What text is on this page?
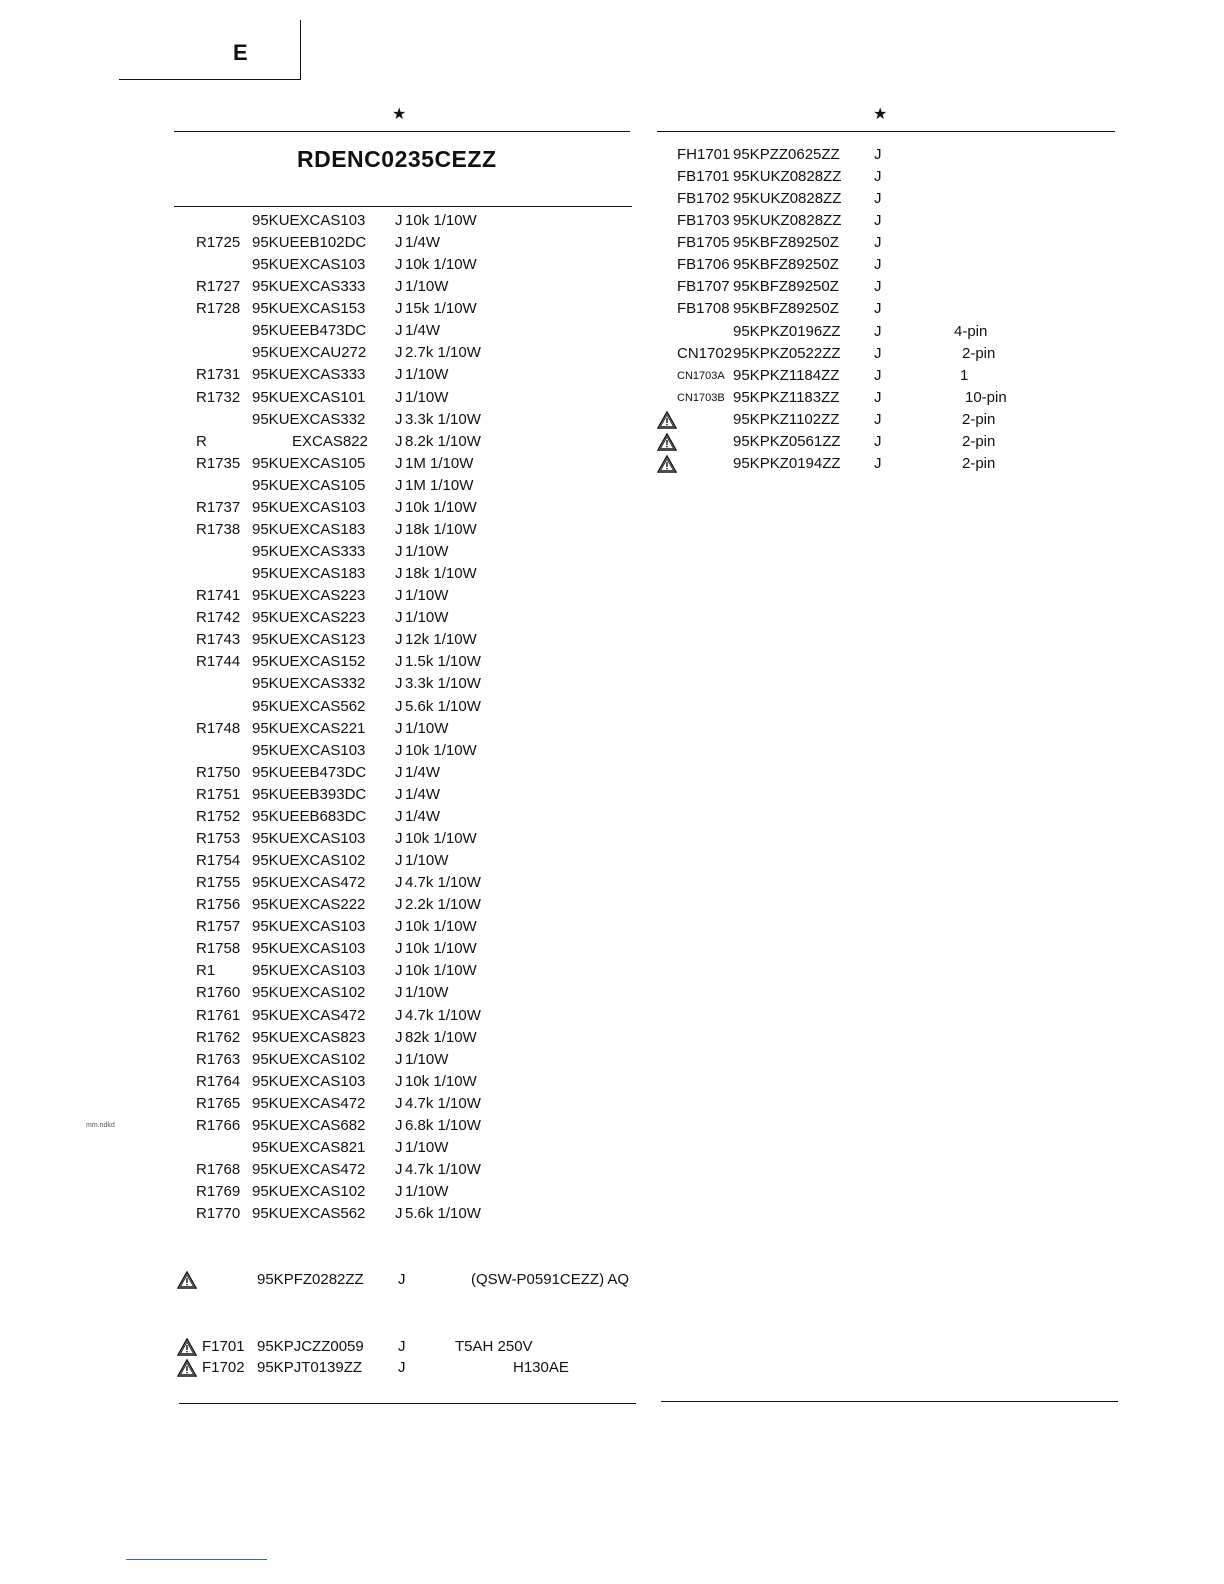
E
★	★
RDENC0235CEZZ
95KUEXCAS103 J 10k 1/10W
R1725 95KUEEB102DC J 1/4W
95KUEXCAS103 J 10k 1/10W
R1727 95KUEXCAS333 J 1/10W
R1728 95KUEXCAS153 J 15k 1/10W
95KUEEB473DC J 1/4W
95KUEXCAU272 J 2.7k 1/10W
R1731 95KUEXCAS333 J 1/10W
R1732 95KUEXCAS101 J 1/10W
95KUEXCAS332 J 3.3k 1/10W
R	EXCAS822 J 8.2k 1/10W
R1735 95KUEXCAS105 J 1M 1/10W
95KUEXCAS105 J 1M 1/10W
R1737 95KUEXCAS103 J 10k 1/10W
R1738 95KUEXCAS183 J 18k 1/10W
95KUEXCAS333 J 1/10W
95KUEXCAS183 J 18k 1/10W
R1741 95KUEXCAS223 J 1/10W
R1742 95KUEXCAS223 J 1/10W
R1743 95KUEXCAS123 J 12k 1/10W
R1744 95KUEXCAS152 J 1.5k 1/10W
95KUEXCAS332 J 3.3k 1/10W
95KUEXCAS562 J 5.6k 1/10W
R1748 95KUEXCAS221 J 1/10W
95KUEXCAS103 J 10k 1/10W
R1750 95KUEEB473DC J 1/4W
R1751 95KUEEB393DC J 1/4W
R1752 95KUEEB683DC J 1/4W
R1753 95KUEXCAS103 J 10k 1/10W
R1754 95KUEXCAS102 J 1/10W
R1755 95KUEXCAS472 J 4.7k 1/10W
R1756 95KUEXCAS222 J 2.2k 1/10W
R1757 95KUEXCAS103 J 10k 1/10W
R1758 95KUEXCAS103 J 10k 1/10W
R1 95KUEXCAS103 J 10k 1/10W
R1760 95KUEXCAS102 J 1/10W
R1761 95KUEXCAS472 J 4.7k 1/10W
R1762 95KUEXCAS823 J 82k 1/10W
R1763 95KUEXCAS102 J 1/10W
R1764 95KUEXCAS103 J 10k 1/10W
R1765 95KUEXCAS472 J 4.7k 1/10W
R1766 95KUEXCAS682 J 6.8k 1/10W
95KUEXCAS821 J 1/10W
R1768 95KUEXCAS472 J 4.7k 1/10W
R1769 95KUEXCAS102 J 1/10W
R1770 95KUEXCAS562 J 5.6k 1/10W
95KPFZ0282ZZ J	(QSW-P0591CEZZ) AQ
F1701 95KPJCZZ0059 J	T5AH 250V
F1702 95KPJT0139ZZ J	H130AE
FH1701 95KPZZ0625ZZ J
FB1701 95KUKZ0828ZZ J
FB1702 95KUKZ0828ZZ J
FB1703 95KUKZ0828ZZ J
FB1705 95KBFZ89250Z J
FB1706 95KBFZ89250Z J
FB1707 95KBFZ89250Z J
FB1708 95KBFZ89250Z J
95KPKZ0196ZZ J	4-pin
CN1702 95KPKZ0522ZZ J	2-pin
CN1703A 95KPKZ1184ZZ J	1
CN1703B 95KPKZ1183ZZ J	10-pin
95KPKZ1102ZZ J	2-pin
95KPKZ0561ZZ J	2-pin
95KPKZ0194ZZ J	2-pin
mm.ndkd
